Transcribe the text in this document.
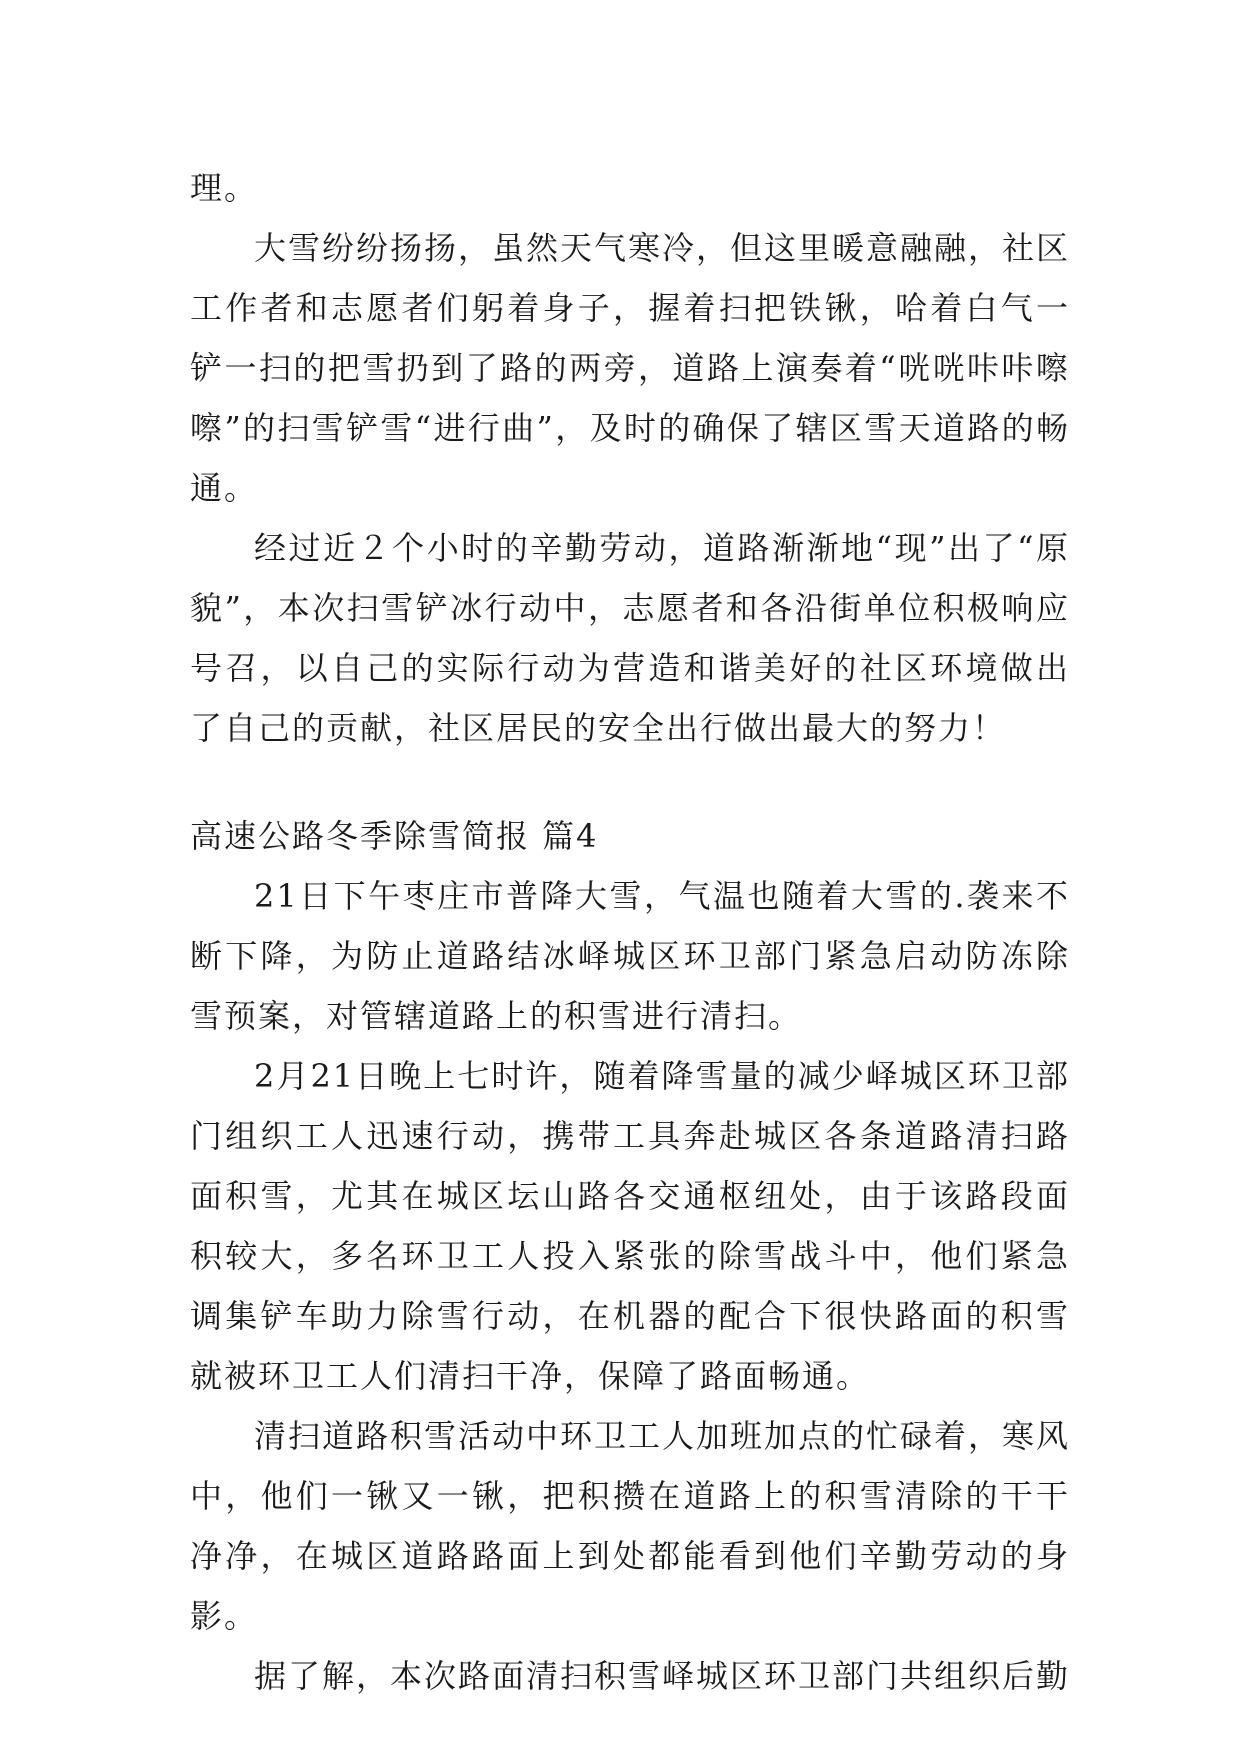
理。

大雪纷纷扬扬，虽然天气寒冷，但这里暖意融融，社区工作者和志愿者们躬着身子，握着扫把铁锹，哈着白气一铲一扫的把雪扔到了路的两旁，道路上演奏着“咣咣咔咔嚓嚓”的扫雪铲雪“进行曲”，及时的确保了辖区雪天道路的畅通。

经过近２个小时的辛勤劳动，道路渐渐地“现”出了“原貌”，本次扫雪铲冰行动中，志愿者和各沿街单位积极响应号召，以自己的实际行动为营造和谐美好的社区环境做出了自己的贡献，社区居民的安全出行做出最大的努力！

高速公路冬季除雪简报 篇4

21日下午枣庄市普降大雪，气温也随着大雪的.袭来不断下降，为防止道路结冰峄城区环卫部门紧急启动防冻除雪预案，对管辖道路上的积雪进行清扫。

2月21日晚上七时许，随着降雪量的减少峄城区环卫部门组织工人迅速行动，携带工具奔赴城区各条道路清扫路面积雪，尤其在城区坛山路各交通枢纽处，由于该路段面积较大，多名环卫工人投入紧张的除雪战斗中，他们紧急调集铲车助力除雪行动，在机器的配合下很快路面的积雪就被环卫工人们清扫干净，保障了路面畅通。

清扫道路积雪活动中环卫工人加班加点的忙碌着，寒风中，他们一锹又一锹，把积攒在道路上的积雪清除的干干净净，在城区道路路面上到处都能看到他们辛勤劳动的身影。

据了解，本次路面清扫积雪峄城区环卫部门共组织后勤
